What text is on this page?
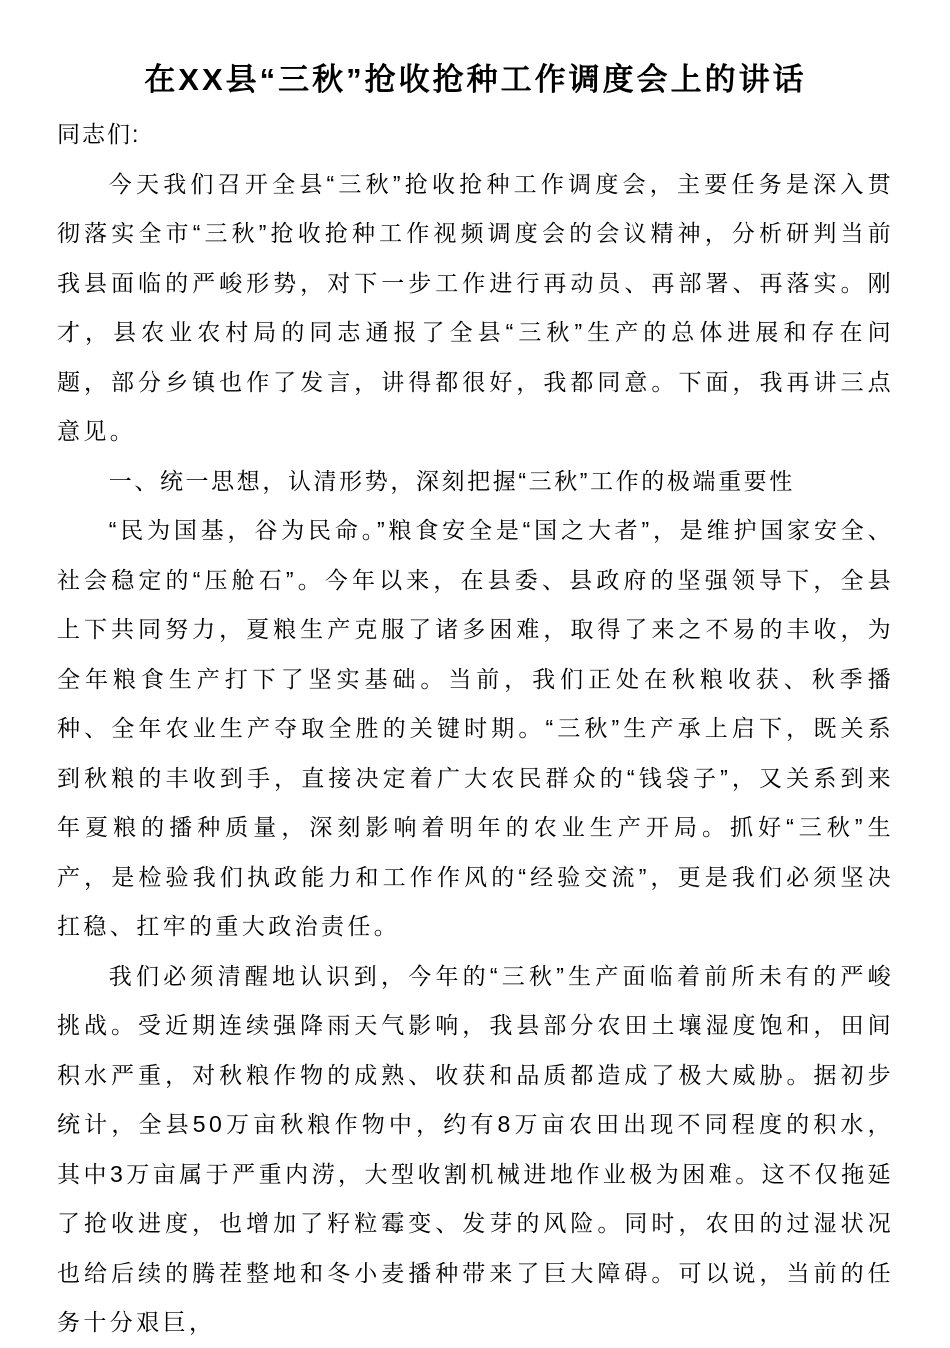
在XX县“三秋”抢收抢种工作调度会上的讲话

同志们:

今天我们召开全县“三秋”抢收抢种工作调度会，主要任务是深入贯彻落实全市“三秋”抢收抢种工作视频调度会的会议精神，分析研判当前我县面临的严峻形势，对下一步工作进行再动员、再部署、再落实。刚才，县农业农村局的同志通报了全县“三秋”生产的总体进展和存在问题，部分乡镇也作了发言，讲得都很好，我都同意。下面，我再讲三点意见。

一、统一思想，认清形势，深刻把握“三秋”工作的极端重要性

“民为国基，谷为民命。”粮食安全是“国之大者”，是维护国家安全、社会稳定的“压舱石”。今年以来，在县委、县政府的坚强领导下，全县上下共同努力，夏粮生产克服了诸多困难，取得了来之不易的丰收，为全年粮食生产打下了坚实基础。当前，我们正处在秋粮收获、秋季播种、全年农业生产夺取全胜的关键时期。“三秋”生产承上启下，既关系到秋粮的丰收到手，直接决定着广大农民群众的“钱袋子”，又关系到来年夏粮的播种质量，深刻影响着明年的农业生产开局。抓好“三秋”生产，是检验我们执政能力和工作作风的“经验交流”，更是我们必须坚决扛稳、扛牢的重大政治责任。

我们必须清醒地认识到，今年的“三秋”生产面临着前所未有的严峻挑战。受近期连续强降雨天气影响，我县部分农田土壤湿度饱和，田间积水严重，对秋粮作物的成熟、收获和品质都造成了极大威胁。据初步统计，全县50万亩秋粮作物中，约有8万亩农田出现不同程度的积水，其中3万亩属于严重内涝，大型收割机械进地作业极为困难。这不仅拖延了抢收进度，也增加了籽粒霉变、发芽的风险。同时，农田的过湿状况也给后续的腾茬整地和冬小麦播种带来了巨大障碍。可以说，当前的任务十分艰巨，
